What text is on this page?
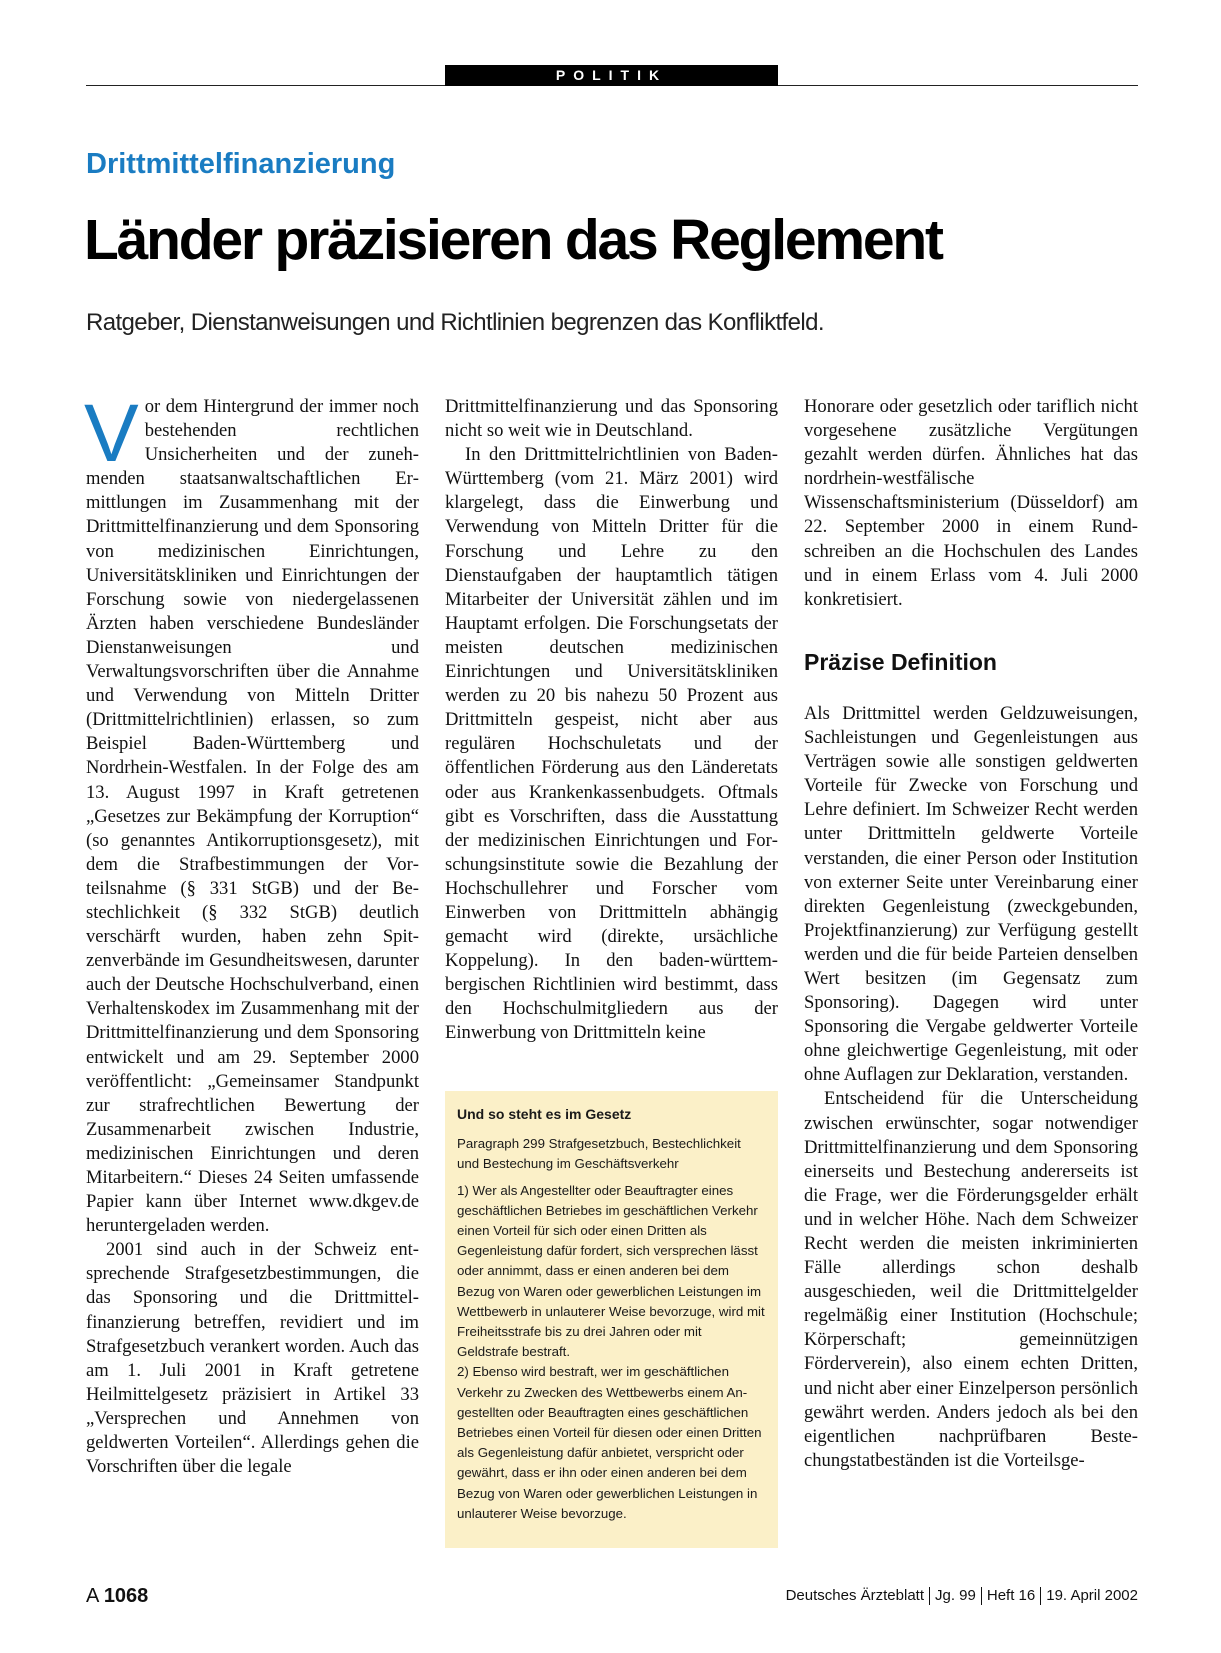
POLITIK
Drittmittelfinanzierung
Länder präzisieren das Reglement
Ratgeber, Dienstanweisungen und Richtlinien begrenzen das Konfliktfeld.

Vor dem Hintergrund der immer noch bestehenden rechtlichen Unsicherheiten und der zunehmenden staatsanwaltschaftlichen Ermittlungen im Zusammenhang mit der Drittmittelfinanzierung und dem Sponsoring von medizinischen Einrichtungen, Universitätskliniken und Einrichtungen der Forschung sowie von niedergelassenen Ärzten haben verschiedene Bundesländer Dienstanweisungen und Verwaltungsvorschriften über die Annahme und Verwendung von Mitteln Dritter (Drittmittelrichtlinien) erlassen, so zum Beispiel Baden-Württemberg und Nordrhein-Westfalen. In der Folge des am 13. August 1997 in Kraft getretenen „Gesetzes zur Bekämpfung der Korruption“ (so genanntes Antikorruptionsgesetz), mit dem die Strafbestimmungen der Vorteilsnahme (§ 331 StGB) und der Bestechlichkeit (§ 332 StGB) deutlich verschärft wurden, haben zehn Spitzenverbände im Gesundheitswesen, darunter auch der Deutsche Hochschulverband, einen Verhaltenskodex im Zusammenhang mit der Drittmittelfinanzierung und dem Sponsoring entwickelt und am 29. September 2000 veröffentlicht: „Gemeinsamer Standpunkt zur strafrechtlichen Bewertung der Zusammenarbeit zwischen Industrie, medizinischen Einrichtungen und deren Mitarbeitern.“ Dieses 24 Seiten umfassende Papier kann über Internet www.dkgev.de heruntergeladen werden.

2001 sind auch in der Schweiz entsprechende Strafgesetzbestimmungen, die das Sponsoring und die Drittmittelfinanzierung betreffen, revidiert und im Strafgesetzbuch verankert worden. Auch das am 1. Juli 2001 in Kraft getretene Heilmittelgesetz präzisiert in Artikel 33 „Versprechen und Annehmen von geldwerten Vorteilen“. Allerdings gehen die Vorschriften über die legale

Drittmittelfinanzierung und das Sponsoring nicht so weit wie in Deutschland.

In den Drittmittelrichtlinien von Baden-Württemberg (vom 21. März 2001) wird klargelegt, dass die Einwerbung und Verwendung von Mitteln Dritter für die Forschung und Lehre zu den Dienstaufgaben der hauptamtlich tätigen Mitarbeiter der Universität zählen und im Hauptamt erfolgen. Die Forschungsetats der meisten deutschen medizinischen Einrichtungen und Universitätskliniken werden zu 20 bis nahezu 50 Prozent aus Drittmitteln gespeist, nicht aber aus regulären Hochschuletats und der öffentlichen Förderung aus den Länderetats oder aus Krankenkassenbudgets. Oftmals gibt es Vorschriften, dass die Ausstattung der medizinischen Einrichtungen und Forschungsinstitute sowie die Bezahlung der Hochschullehrer und Forscher vom Einwerben von Drittmitteln abhängig gemacht wird (direkte, ursächliche Koppelung). In den baden-württembergischen Richtlinien wird bestimmt, dass den Hochschulmitgliedern aus der Einwerbung von Drittmitteln keine

Und so steht es im Gesetz
Paragraph 299 Strafgesetzbuch, Bestechlichkeit und Bestechung im Geschäftsverkehr

1) Wer als Angestellter oder Beauftragter eines geschäftlichen Betriebes im geschäftlichen Verkehr einen Vorteil für sich oder einen Dritten als Gegenleistung dafür fordert, sich versprechen lässt oder annimmt, dass er einen anderen bei dem Bezug von Waren oder gewerblichen Leistungen im Wettbewerb in unlauterer Weise bevorzuge, wird mit Freiheitsstrafe bis zu drei Jahren oder mit Geldstrafe bestraft.

2) Ebenso wird bestraft, wer im geschäftlichen Verkehr zu Zwecken des Wettbewerbs einem Angestellten oder Beauftragten eines geschäftlichen Betriebes einen Vorteil für diesen oder einen Dritten als Gegenleistung dafür anbietet, verspricht oder gewährt, dass er ihn oder einen anderen bei dem Bezug von Waren oder gewerblichen Leistungen in unlauterer Weise bevorzuge.

Honorare oder gesetzlich oder tariflich nicht vorgesehene zusätzliche Vergütungen gezahlt werden dürfen. Ähnliches hat das nordrhein-westfälische Wissenschaftsministerium (Düsseldorf) am 22. September 2000 in einem Rundschreiben an die Hochschulen des Landes und in einem Erlass vom 4. Juli 2000 konkretisiert.

Präzise Definition

Als Drittmittel werden Geldzuweisungen, Sachleistungen und Gegenleistungen aus Verträgen sowie alle sonstigen geldwerten Vorteile für Zwecke von Forschung und Lehre definiert. Im Schweizer Recht werden unter Drittmitteln geldwerte Vorteile verstanden, die einer Person oder Institution von externer Seite unter Vereinbarung einer direkten Gegenleistung (zweckgebunden, Projektfinanzierung) zur Verfügung gestellt werden und die für beide Parteien denselben Wert besitzen (im Gegensatz zum Sponsoring). Dagegen wird unter Sponsoring die Vergabe geldwerter Vorteile ohne gleichwertige Gegenleistung, mit oder ohne Auflagen zur Deklaration, verstanden.

Entscheidend für die Unterscheidung zwischen erwünschter, sogar notwendiger Drittmittelfinanzierung und dem Sponsoring einerseits und Bestechung andererseits ist die Frage, wer die Förderungsgelder erhält und in welcher Höhe. Nach dem Schweizer Recht werden die meisten inkriminierten Fälle allerdings schon deshalb ausgeschieden, weil die Drittmittelgelder regelmäßig einer Institution (Hochschule; Körperschaft; gemeinnützigen Förderverein), also einem echten Dritten, und nicht aber einer Einzelperson persönlich gewährt werden. Anders jedoch als bei den eigentlichen nachprüfbaren Bestechungstatbeständen ist die Vorteilsge-

A 1068	Deutsches Ärzteblatt Jg. 99 Heft 16 19. April 2002
